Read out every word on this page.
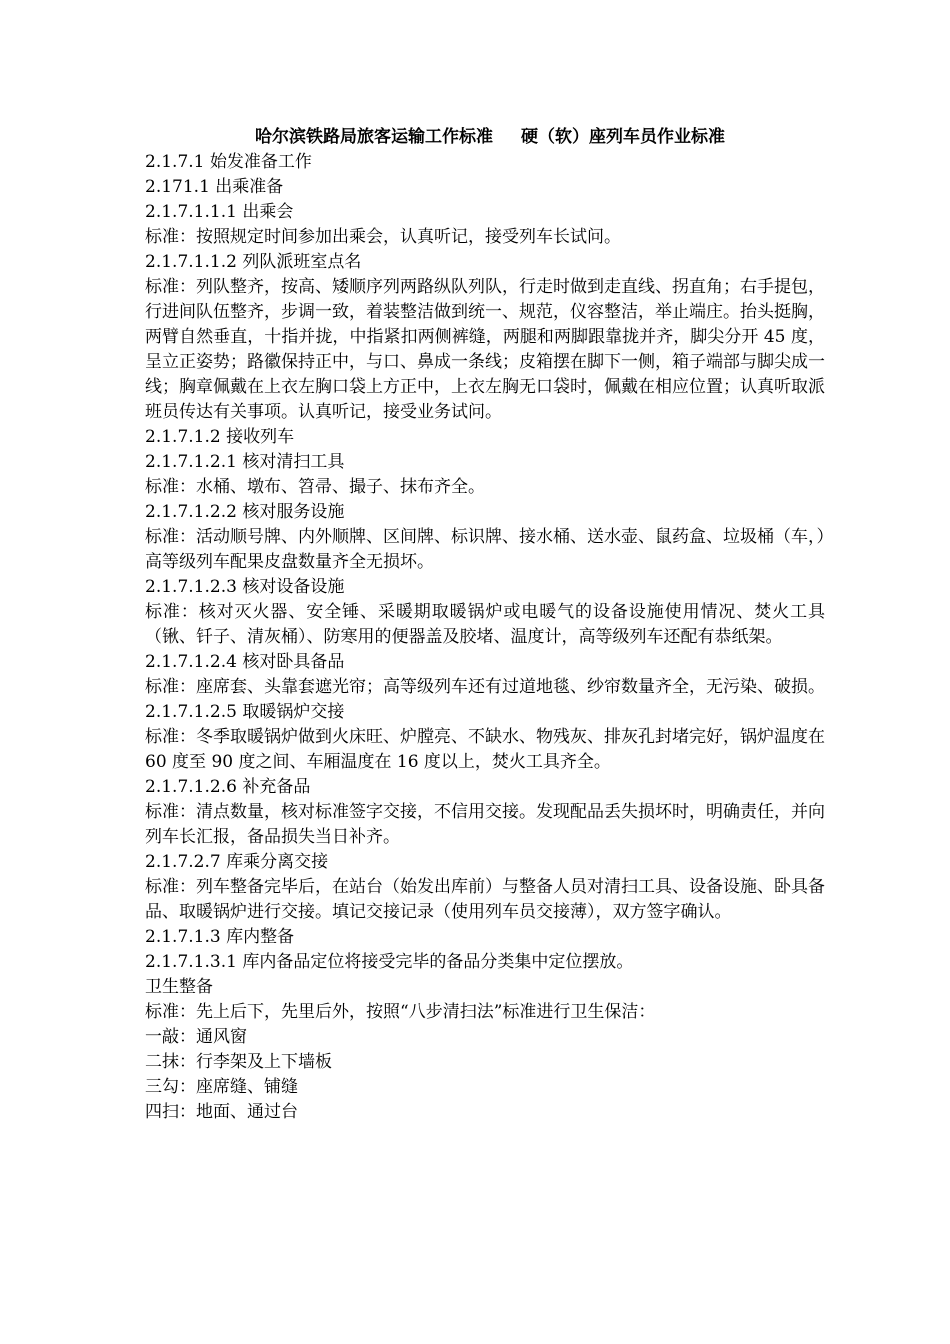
哈尔滨铁路局旅客运输工作标准 硬（软）座列车员作业标准

2.1.7.1 始发准备工作

2.171.1 出乘准备

2.1.7.1.1.1 出乘会

标准：按照规定时间参加出乘会，认真听记，接受列车长试问。

2.1.7.1.1.2 列队派班室点名

标准：列队整齐，按高、矮顺序列两路纵队列队，行走时做到走直线、拐直角；右手提包，行进间队伍整齐，步调一致，着装整洁做到统一、规范，仪容整洁，举止端庄。抬头挺胸，两臂自然垂直，十指并拢，中指紧扣两侧裤缝，两腿和两脚跟靠拢并齐，脚尖分开 45 度，呈立正姿势；路徽保持正中，与口、鼻成一条线；皮箱摆在脚下一侧，箱子端部与脚尖成一线；胸章佩戴在上衣左胸口袋上方正中，上衣左胸无口袋时，佩戴在相应位置；认真听取派班员传达有关事项。认真听记，接受业务试问。

2.1.7.1.2 接收列车

2.1.7.1.2.1 核对清扫工具

标准：水桶、墩布、笤帚、撮子、抹布齐全。

2.1.7.1.2.2 核对服务设施

标准：活动顺号牌、内外顺牌、区间牌、标识牌、接水桶、送水壶、鼠药盒、垃圾桶（车，）高等级列车配果皮盘数量齐全无损坏。

2.1.7.1.2.3 核对设备设施

标准：核对灭火器、安全锤、采暖期取暖锅炉或电暖气的设备设施使用情况、焚火工具（锹、钎子、清灰桶）、防寒用的便器盖及胶堵、温度计，高等级列车还配有恭纸架。

2.1.7.1.2.4 核对卧具备品

标准：座席套、头靠套遮光帘；高等级列车还有过道地毯、纱帘数量齐全，无污染、破损。

2.1.7.1.2.5 取暖锅炉交接

标准：冬季取暖锅炉做到火床旺、炉膛亮、不缺水、物残灰、排灰孔封堵完好，锅炉温度在 60 度至 90 度之间、车厢温度在 16 度以上，焚火工具齐全。

2.1.7.1.2.6 补充备品

标准：清点数量，核对标准签字交接，不信用交接。发现配品丢失损坏时，明确责任，并向列车长汇报，备品损失当日补齐。

2.1.7.2.7 库乘分离交接

标准：列车整备完毕后，在站台（始发出库前）与整备人员对清扫工具、设备设施、卧具备品、取暖锅炉进行交接。填记交接记录（使用列车员交接薄），双方签字确认。

2.1.7.1.3 库内整备

2.1.7.1.3.1 库内备品定位将接受完毕的备品分类集中定位摆放。

卫生整备

标准：先上后下，先里后外，按照“八步清扫法”标准进行卫生保洁：

一敲：通风窗

二抹：行李架及上下墙板

三勾：座席缝、铺缝

四扫：地面、通过台
